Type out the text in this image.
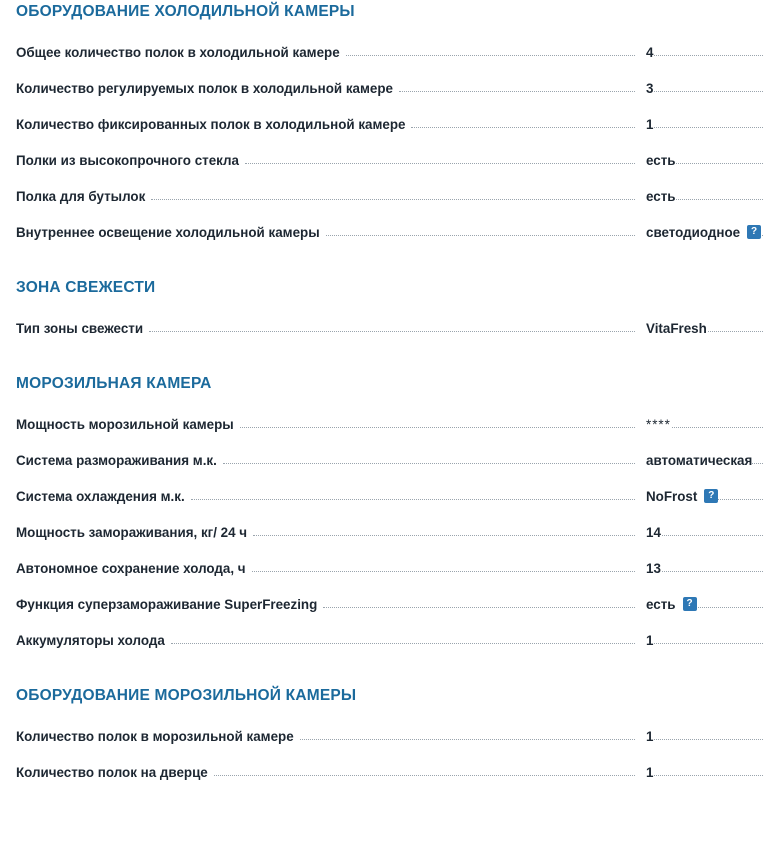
ОБОРУДОВАНИЕ ХОЛОДИЛЬНОЙ КАМЕРЫ
Общее количество полок в холодильной камере	4
Количество регулируемых полок в холодильной камере	3
Количество фиксированных полок в холодильной камере	1
Полки из высокопрочного стекла	есть
Полка для бутылок	есть
Внутреннее освещение холодильной камеры	светодиодное	?
ЗОНА СВЕЖЕСТИ
Тип зоны свежести	VitaFresh
МОРОЗИЛЬНАЯ КАМЕРА
Мощность морозильной камеры	****
Система размораживания м.к.	автоматическая
Система охлаждения м.к.	NoFrost	?
Мощность замораживания, кг/ 24 ч	14
Автономное сохранение холода, ч	13
Функция суперзамораживание SuperFreezing	есть	?
Аккумуляторы холода	1
ОБОРУДОВАНИЕ МОРОЗИЛЬНОЙ КАМЕРЫ
Количество полок в морозильной камере	1
Количество полок на дверце	1
